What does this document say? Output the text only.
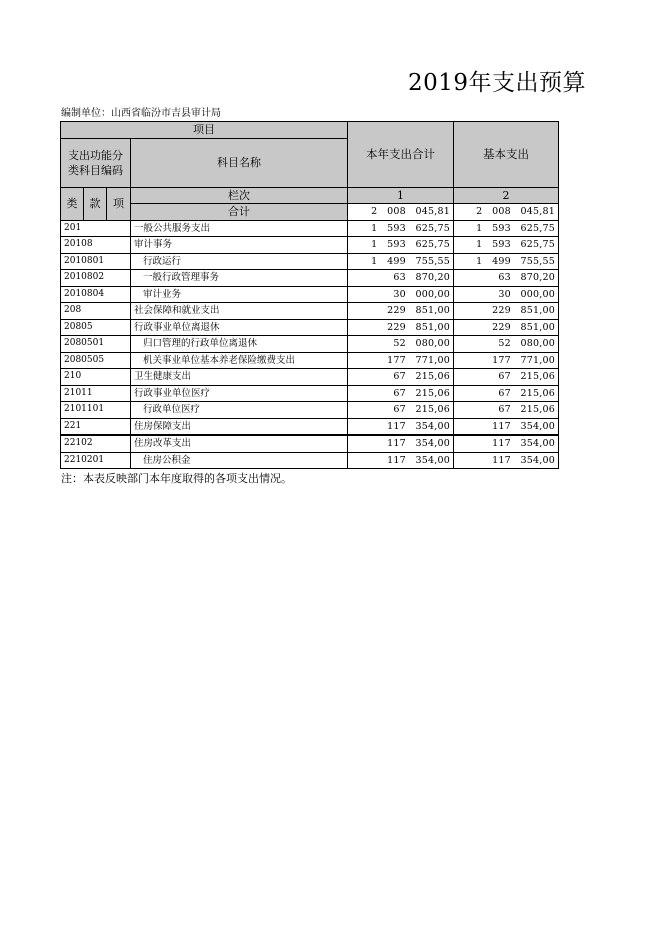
2019年支出预算
编制单位：山西省临汾市吉县审计局
项目				本年支出合计	基本支出
支出功能分类科目编码			科目名称		
类	款	项	栏次	1	2
			合计	2　008　045,81	2　008　045,81
201			一般公共服务支出	1　593　625,75	1　593　625,75
20108			审计事务	1　593　625,75	1　593　625,75
2010801			行政运行	1　499　755,55	1　499　755,55
2010802			一般行政管理事务	63　870,20	63　870,20
2010804			审计业务	30　000,00	30　000,00
208			社会保障和就业支出	229　851,00	229　851,00
20805			行政事业单位离退休	229　851,00	229　851,00
2080501			归口管理的行政单位离退休	52　080,00	52　080,00
2080505			机关事业单位基本养老保险缴费支出	177　771,00	177　771,00
210			卫生健康支出	67　215,06	67　215,06
21011			行政事业单位医疗	67　215,06	67　215,06
2101101			行政单位医疗	67　215,06	67　215,06
221			住房保障支出	117　354,00	117　354,00
22102			住房改革支出	117　354,00	117　354,00
2210201			住房公积金	117　354,00	117　354,00
注：本表反映部门本年度取得的各项支出情况。
